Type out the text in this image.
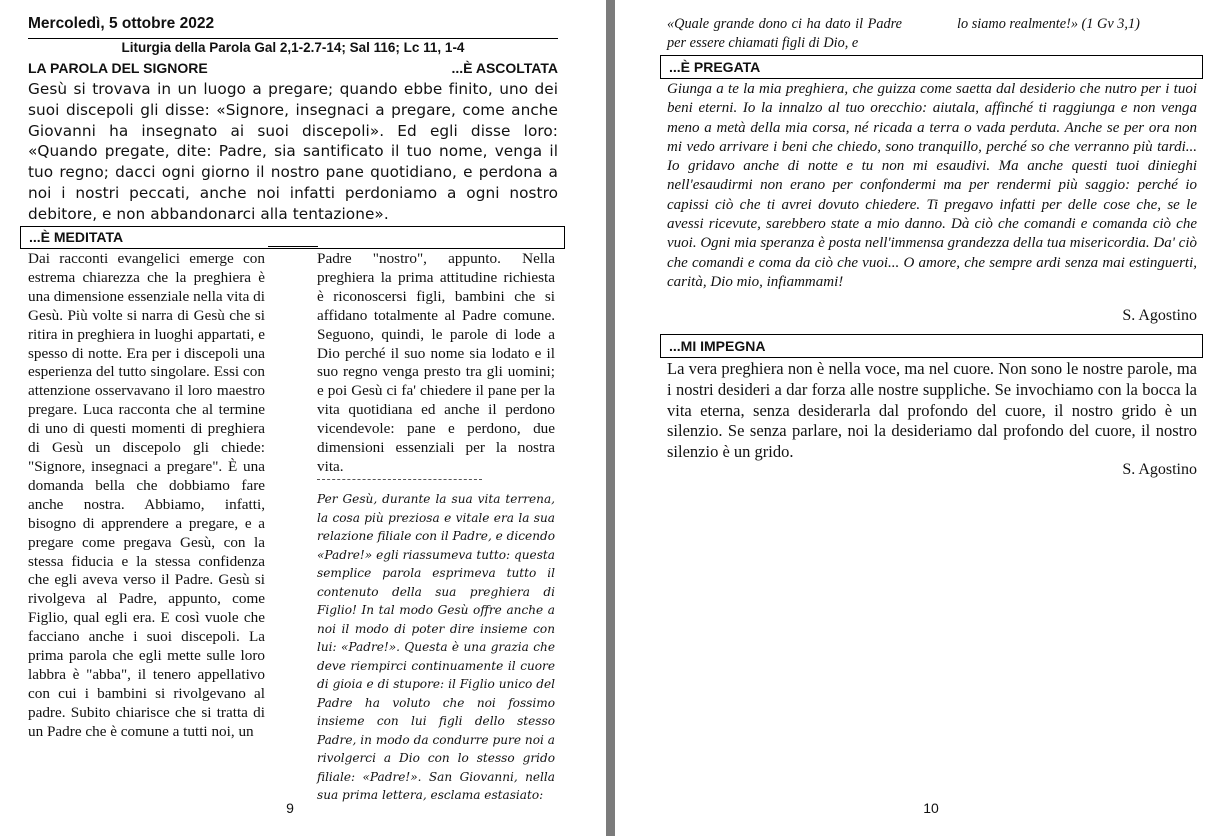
Mercoledì, 5 ottobre 2022
Liturgia della Parola Gal 2,1-2.7-14; Sal 116; Lc 11, 1-4
LA PAROLA DEL SIGNORE	...È ASCOLTATA
Gesù si trovava in un luogo a pregare; quando ebbe finito, uno dei suoi discepoli gli disse: «Signore, insegnaci a pregare, come anche Giovanni ha insegnato ai suoi discepoli». Ed egli disse loro: «Quando pregate, dite: Padre, sia santificato il tuo nome, venga il tuo regno; dacci ogni giorno il nostro pane quotidiano, e perdona a noi i nostri peccati, anche noi infatti perdoniamo a ogni nostro debitore, e non abbandonarci alla tentazione».
...È MEDITATA
Dai racconti evangelici emerge con estrema chiarezza che la preghiera è una dimensione essenziale nella vita di Gesù. Più volte si narra di Gesù che si ritira in preghiera in luoghi appartati, e spesso di notte. Era per i discepoli una esperienza del tutto singolare. Essi con attenzione osservavano il loro maestro pregare. Luca racconta che al termine di uno di questi momenti di preghiera di Gesù un discepolo gli chiede: "Signore, insegnaci a pregare". È una domanda bella che dobbiamo fare anche nostra. Abbiamo, infatti, bisogno di apprendere a pregare, e a pregare come pregava Gesù, con la stessa fiducia e la stessa confidenza che egli aveva verso il Padre. Gesù si rivolgeva al Padre, appunto, come Figlio, qual egli era. E così vuole che facciano anche i suoi discepoli. La prima parola che egli mette sulle loro labbra è "abba", il tenero appellativo con cui i bambini si rivolgevano al padre. Subito chiarisce che si tratta di un Padre che è comune a tutti noi, un
Padre "nostro", appunto. Nella preghiera la prima attitudine richiesta è riconoscersi figli, bambini che si affidano totalmente al Padre comune. Seguono, quindi, le parole di lode a Dio perché il suo nome sia lodato e il suo regno venga presto tra gli uomini; e poi Gesù ci fa' chiedere il pane per la vita quotidiana ed anche il perdono vicendevole: pane e perdono, due dimensioni essenziali per la nostra vita.
Per Gesù, durante la sua vita terrena, la cosa più preziosa e vitale era la sua relazione filiale con il Padre, e dicendo «Padre!» egli riassumeva tutto: questa semplice parola esprimeva tutto il contenuto della sua preghiera di Figlio! In tal modo Gesù offre anche a noi il modo di poter dire insieme con lui: «Padre!». Questa è una grazia che deve riempirci continuamente il cuore di gioia e di stupore: il Figlio unico del Padre ha voluto che noi fossimo insieme con lui figli dello stesso Padre, in modo da condurre pure noi a rivolgerci a Dio con lo stesso grido filiale: «Padre!». San Giovanni, nella sua prima lettera, esclama estasiato:
9
«Quale grande dono ci ha dato il Padre per essere chiamati figli di Dio, e
lo siamo realmente!» (1 Gv 3,1)
...È PREGATA
Giunga a te la mia preghiera, che guizza come saetta dal desiderio che nutro per i tuoi beni eterni. Io la innalzo al tuo orecchio: aiutala, affinché ti raggiunga e non venga meno a metà della mia corsa, né ricada a terra o vada perduta. Anche se per ora non mi vedo arrivare i beni che chiedo, sono tranquillo, perché so che verranno più tardi... Io gridavo anche di notte e tu non mi esaudivi. Ma anche questi tuoi dinieghi nell'esaudirmi non erano per confondermi ma per rendermi più saggio: perché io capissi ciò che ti avrei dovuto chiedere. Ti pregavo infatti per delle cose che, se le avessi ricevute, sarebbero state a mio danno. Dà ciò che comandi e comanda ciò che vuoi. Ogni mia speranza è posta nell'immensa grandezza della tua misericordia. Da' ciò che comandi e coma da ciò che vuoi... O amore, che sempre ardi senza mai estinguerti, carità, Dio mio, infiammami!
S. Agostino
...MI IMPEGNA
La vera preghiera non è nella voce, ma nel cuore. Non sono le nostre parole, ma i nostri desideri a dar forza alle nostre suppliche. Se invochiamo con la bocca la vita eterna, senza desiderarla dal profondo del cuore, il nostro grido è un silenzio. Se senza parlare, noi la desideriamo dal profondo del cuore, il nostro silenzio è un grido.
S. Agostino
10
